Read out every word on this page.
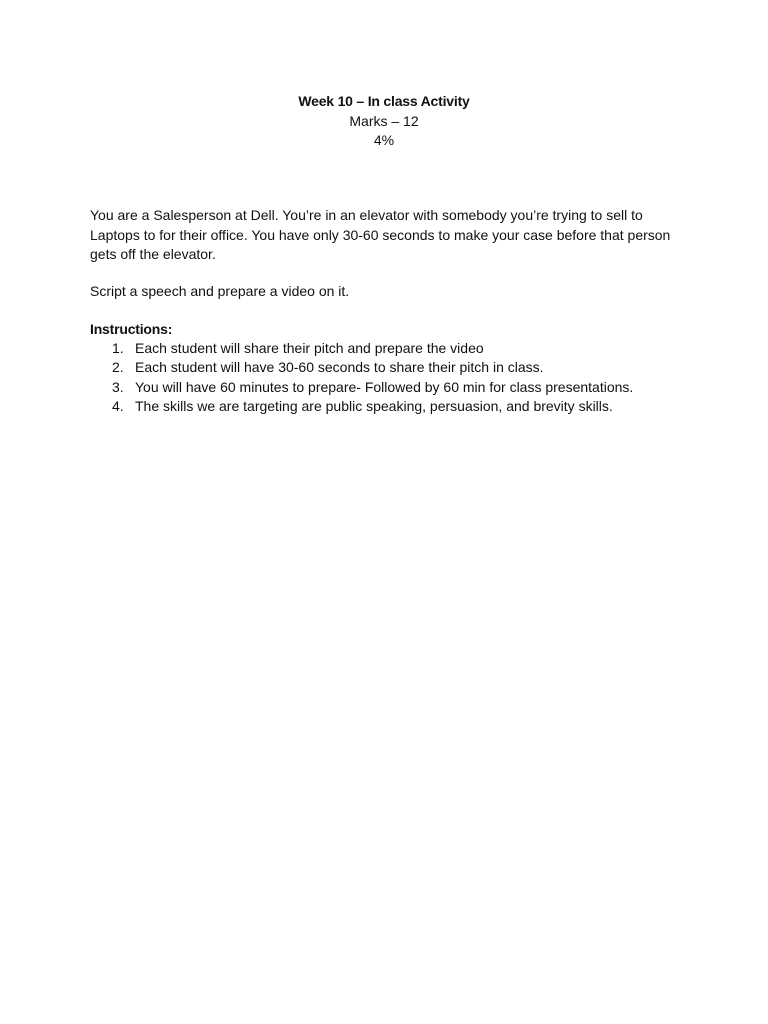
Week 10 – In class Activity
Marks – 12
4%

You are a Salesperson at Dell. You’re in an elevator with somebody you’re trying to sell to Laptops to for their office. You have only 30-60 seconds to make your case before that person gets off the elevator.

Script a speech and prepare a video on it.

Instructions:
1. Each student will share their pitch and prepare the video
2. Each student will have 30-60 seconds to share their pitch in class.
3. You will have 60 minutes to prepare- Followed by 60 min for class presentations.
4. The skills we are targeting are public speaking, persuasion, and brevity skills.
